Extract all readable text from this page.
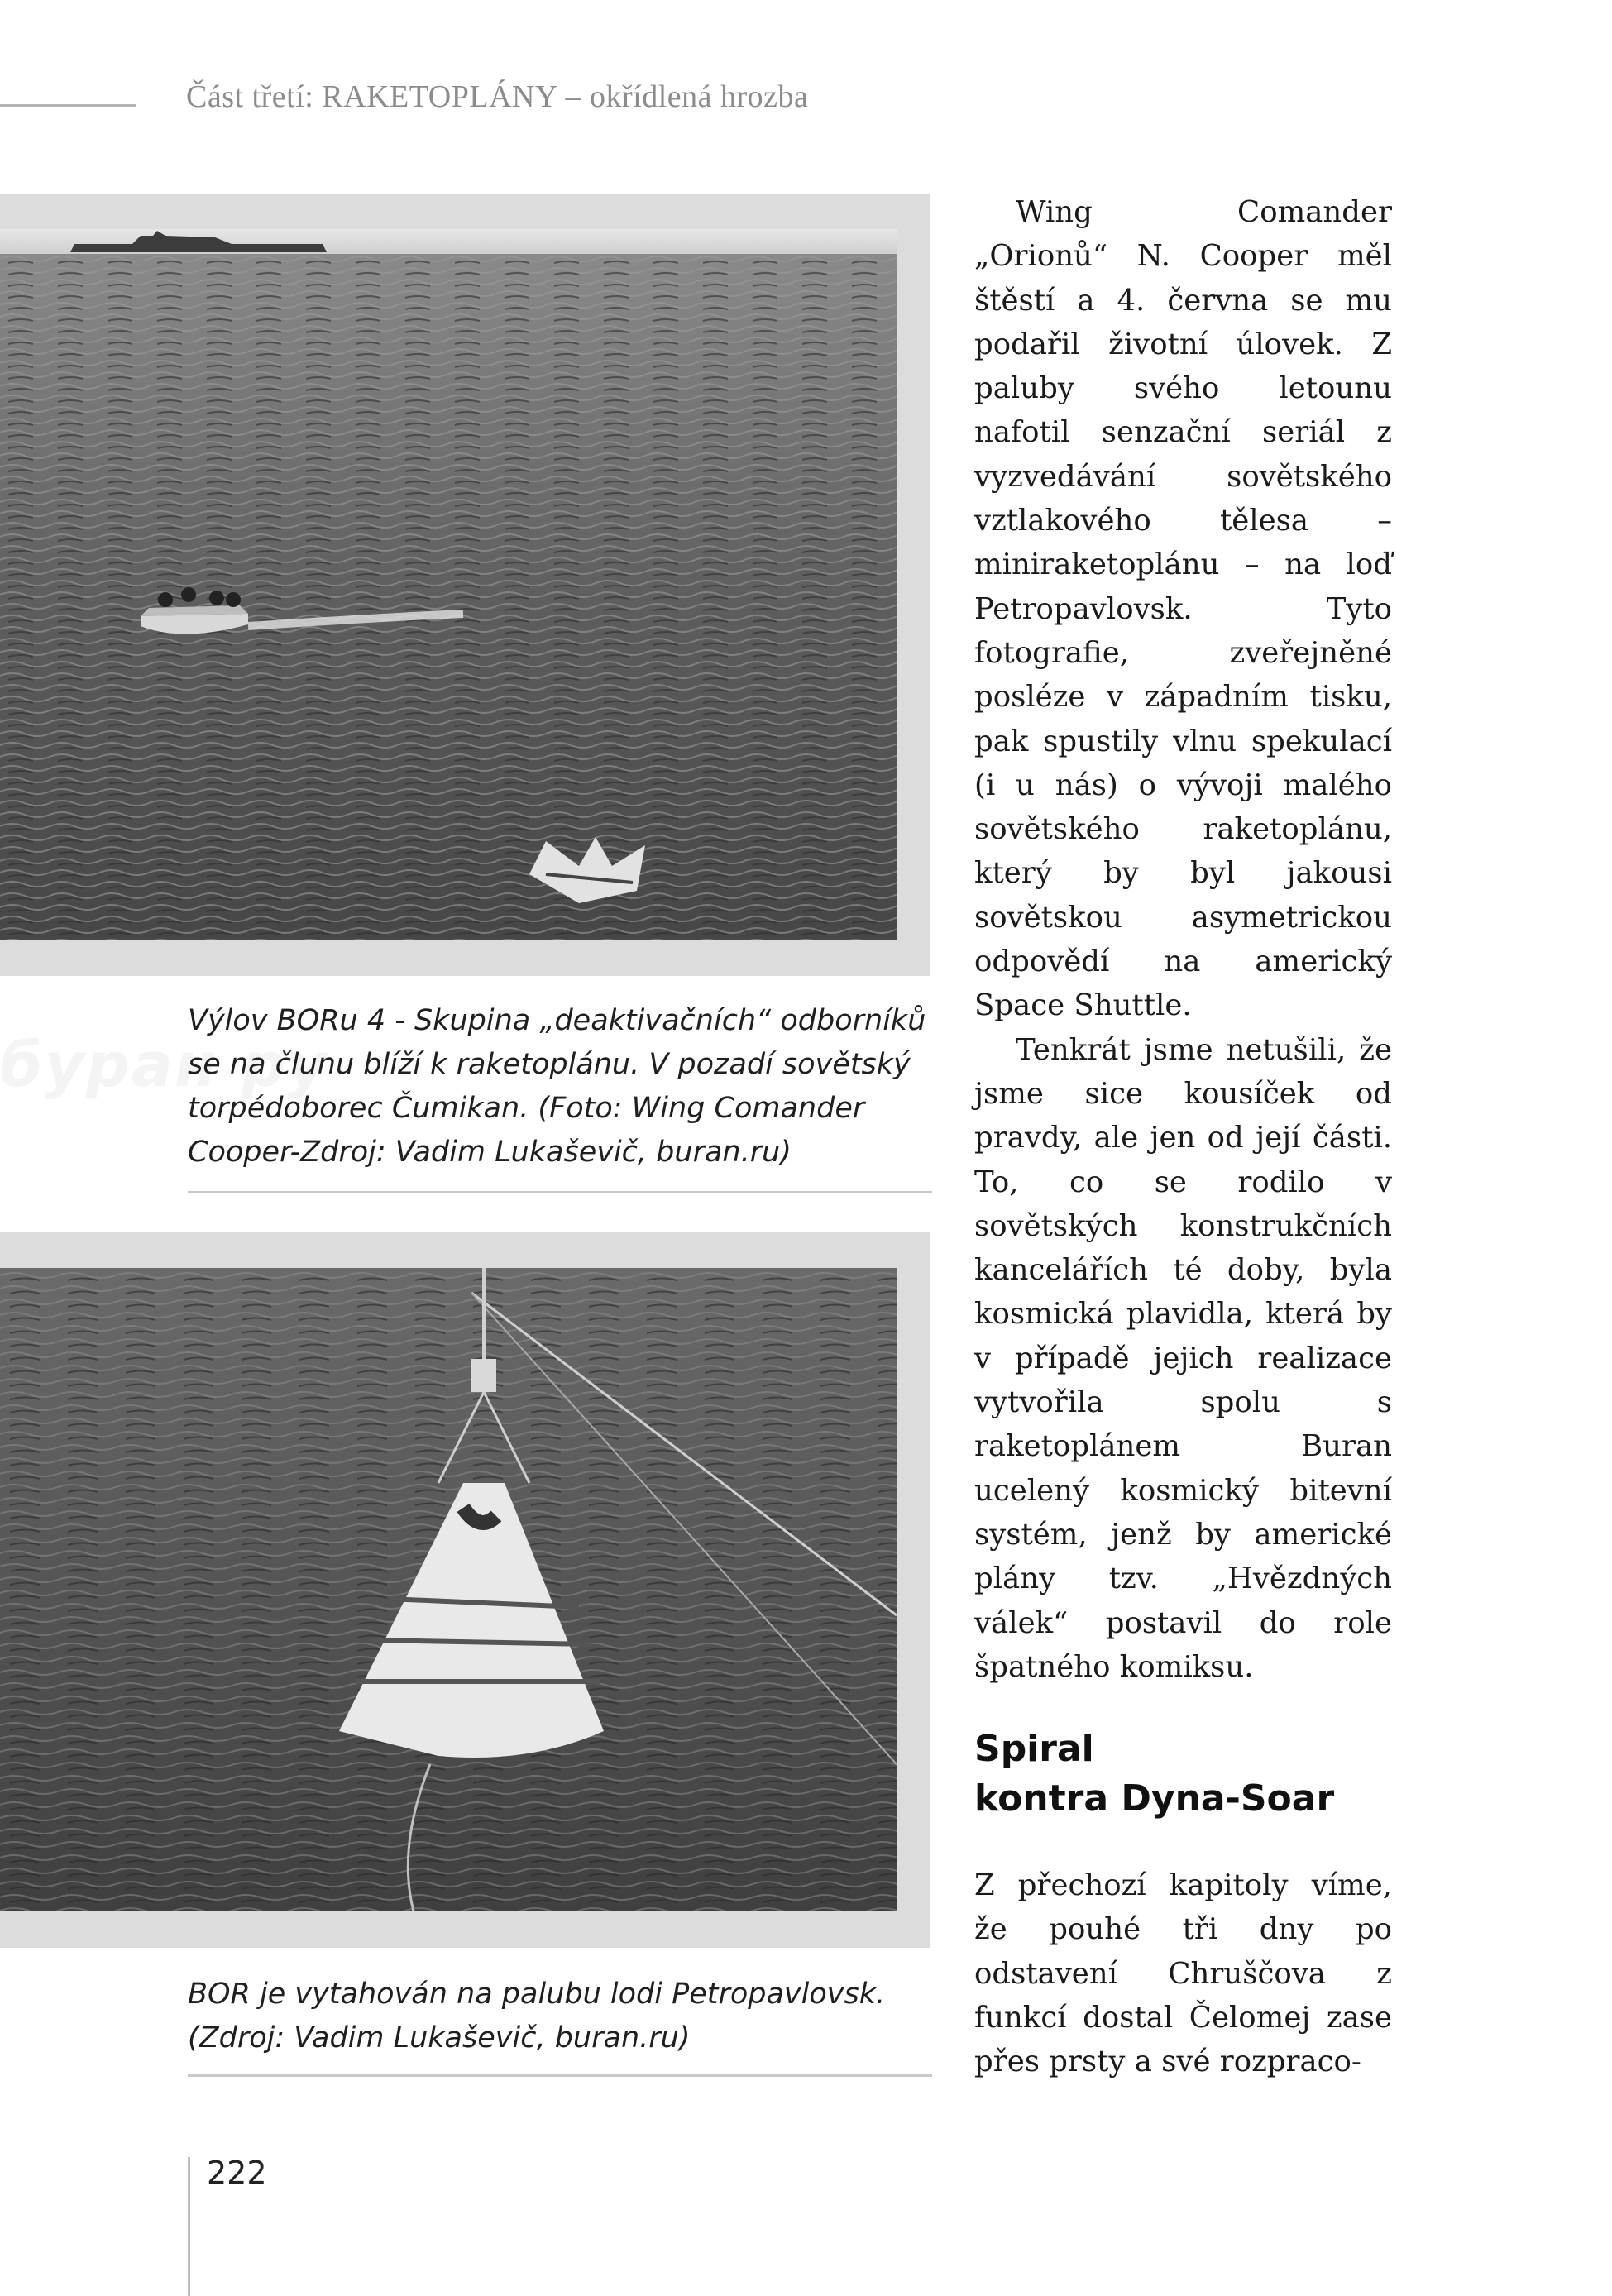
Část třetí: RAKETOPLÁNY – okřídlená hrozba
буран ру
Výlov BORu 4 - Skupina „deaktivačních“ odborníků se na člunu blíží k raketoplánu. V pozadí sovětský torpédoborec Čumikan. (Foto: Wing Comander Cooper-Zdroj: Vadim Lukaševič, buran.ru)
BOR je vytahován na palubu lodi Petropavlovsk. (Zdroj: Vadim Lukaševič, buran.ru)

Wing Comander „Orionů“ N. Cooper měl štěstí a 4. června se mu podařil životní úlovek. Z paluby svého letounu nafotil senzační seriál z vyzvedávání sovětského vztlakového tělesa – miniraketoplánu – na loď Petropavlovsk. Tyto fotografie, zveřejněné posléze v západním tisku, pak spustily vlnu spekulací (i u nás) o vývoji malého sovětského raketoplánu, který by byl jakousi sovětskou asymetrickou odpovědí na americký Space Shuttle.

Tenkrát jsme netušili, že jsme sice kousíček od pravdy, ale jen od její části. To, co se rodilo v sovětských konstrukčních kancelářích té doby, byla kosmická plavidla, která by v případě jejich realizace vytvořila spolu s raketoplánem Buran ucelený kosmický bitevní systém, jenž by americké plány tzv. „Hvězdných válek“ postavil do role špatného komiksu.

Spiral
kontra Dyna-Soar

Z přechozí kapitoly víme, že pouhé tři dny po odstavení Chruščova z funkcí dostal Čelomej zase přes prsty a své rozpraco-

222
